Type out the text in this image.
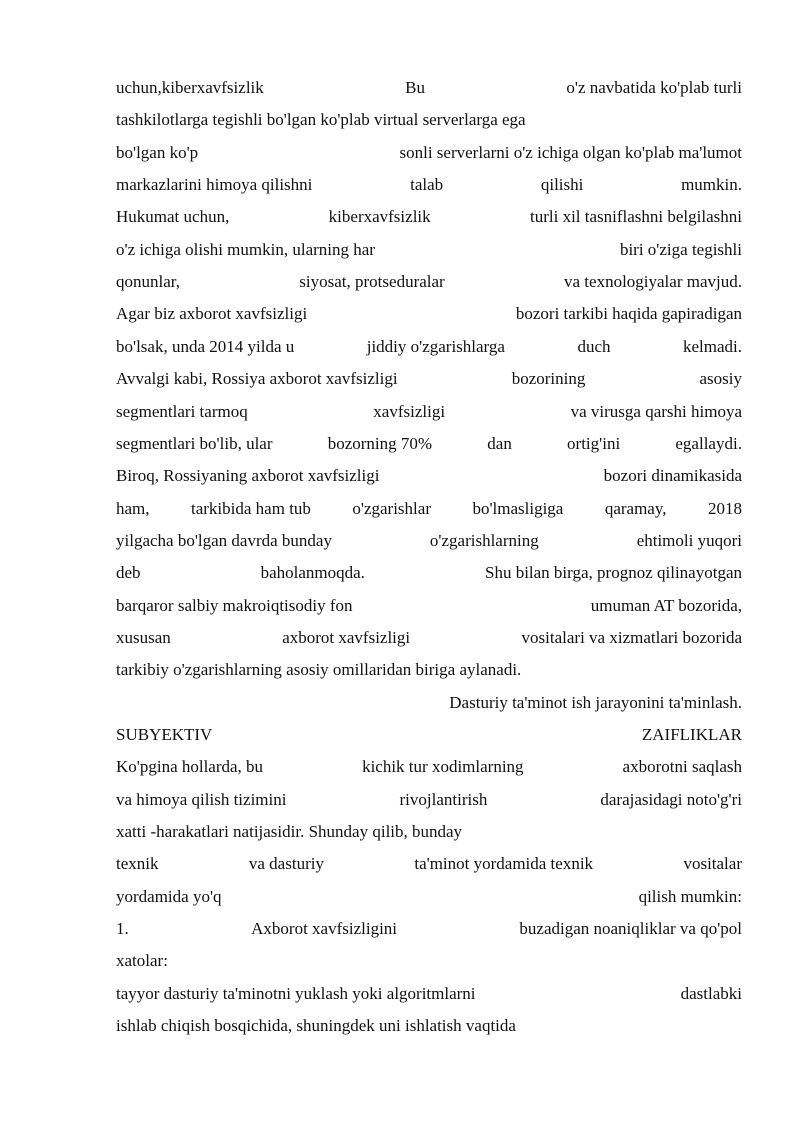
uchun,kiberxavfsizlik	Bu	o'z navbatida ko'plab turli
tashkilotlarga tegishli bo'lgan ko'plab virtual serverlarga ega
bo'lgan ko'p	sonli serverlarni o'z ichiga olgan ko'plab ma'lumot
markazlarini himoya qilishni	talab	qilishi	mumkin.
Hukumat uchun,	kiberxavfsizlik	turli xil tasniflashni belgilashni
o'z ichiga olishi mumkin, ularning har	biri o'ziga tegishli
qonunlar,	siyosat, protseduralar	va texnologiyalar mavjud.
Agar biz axborot xavfsizligi	bozori tarkibi haqida gapiradigan
bo'lsak, unda 2014 yilda u	jiddiy o'zgarishlarga	duch	kelmadi.
Avvalgi kabi, Rossiya axborot xavfsizligi	bozorining	asosiy
segmentlari tarmoq	xavfsizligi	va virusga qarshi himoya
segmentlari bo'lib, ular	bozorning 70%	dan	ortig'ini	egallaydi.
Biroq, Rossiyaning axborot xavfsizligi	bozori dinamikasida
ham, tarkibida ham tub o'zgarishlar bo'lmasligiga qaramay, 2018
yilgacha bo'lgan davrda bunday	o'zgarishlarning	ehtimoli yuqori
deb	baholanmoqda.	Shu bilan birga, prognoz qilinayotgan
barqaror salbiy makroiqtisodiy fon	umuman AT bozorida,
xususan	axborot xavfsizligi	vositalari va xizmatlari bozorida
tarkibiy o'zgarishlarning asosiy omillaridan biriga aylanadi.
Dasturiy ta'minot ish jarayonini ta'minlash.
SUBYEKTIV	ZAIFLIKLAR
Ko'pgina hollarda, bu	kichik tur xodimlarning	axborotni saqlash
va himoya qilish tizimini	rivojlantirish	darajasidagi noto'g'ri
xatti -harakatlari natijasidir. Shunday qilib, bunday
texnik	va dasturiy	ta'minot yordamida texnik	vositalar
yordamida yo'q	qilish mumkin:
1.	Axborot xavfsizligini	buzadigan noaniqliklar va qo'pol
xatolar:
tayyor dasturiy ta'minotni yuklash yoki algoritmlarni	dastlabki
ishlab chiqish bosqichida, shuningdek uni ishlatish vaqtida
